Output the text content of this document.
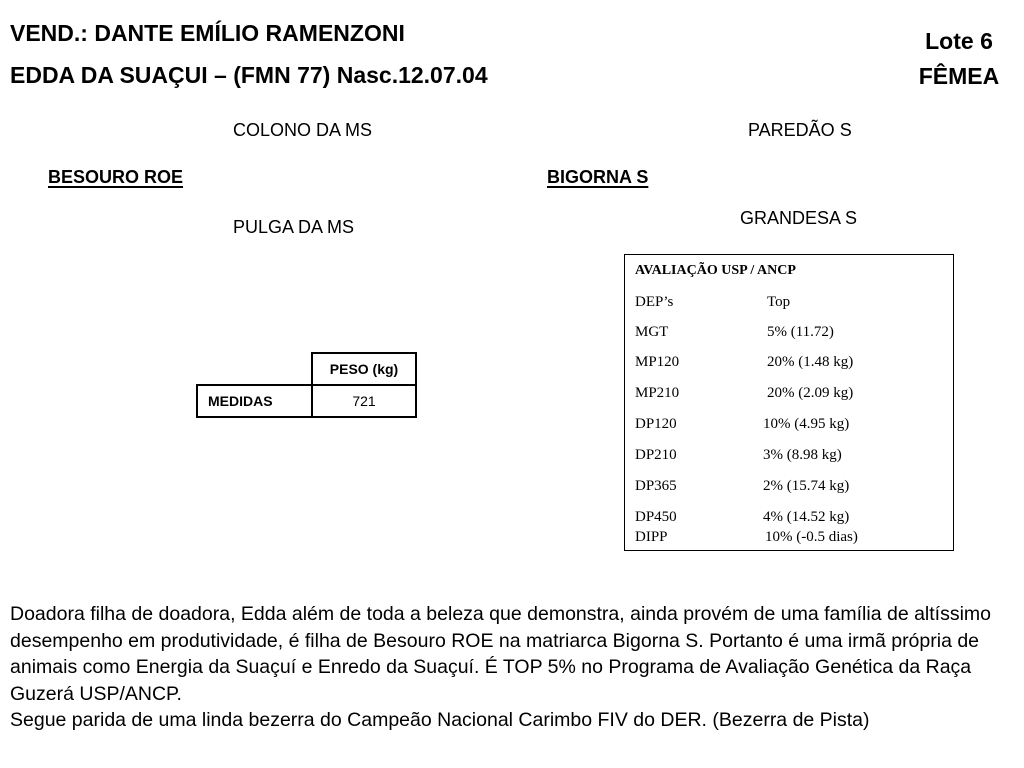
VEND.: DANTE EMÍLIO RAMENZONI
EDDA DA SUAÇUI – (FMN 77) Nasc.12.07.04
Lote 6
FÊMEA
COLONO DA MS
BESOURO ROE
PULGA DA MS
PAREDÃO S
BIGORNA S
GRANDESA S
	PESO (kg)
MEDIDAS	721
AVALIAÇÃO USP / ANCP
DEP’s	Top
MGT	5% (11.72)
MP120	20% (1.48 kg)
MP210	20% (2.09 kg)
DP120	10% (4.95 kg)
DP210	3% (8.98 kg)
DP365	2% (15.74 kg)
DP450	4% (14.52 kg)
DIPP	10% (-0.5 dias)

Doadora filha de doadora, Edda além de toda a beleza que demonstra, ainda provém de uma família de altíssimo desempenho em produtividade, é filha de Besouro ROE na matriarca Bigorna S. Portanto é uma irmã própria de animais como Energia da Suaçuí e Enredo da Suaçuí. É TOP 5% no Programa de Avaliação Genética da Raça Guzerá USP/ANCP.

Segue parida de uma linda bezerra do Campeão Nacional Carimbo FIV do DER. (Bezerra de Pista)
